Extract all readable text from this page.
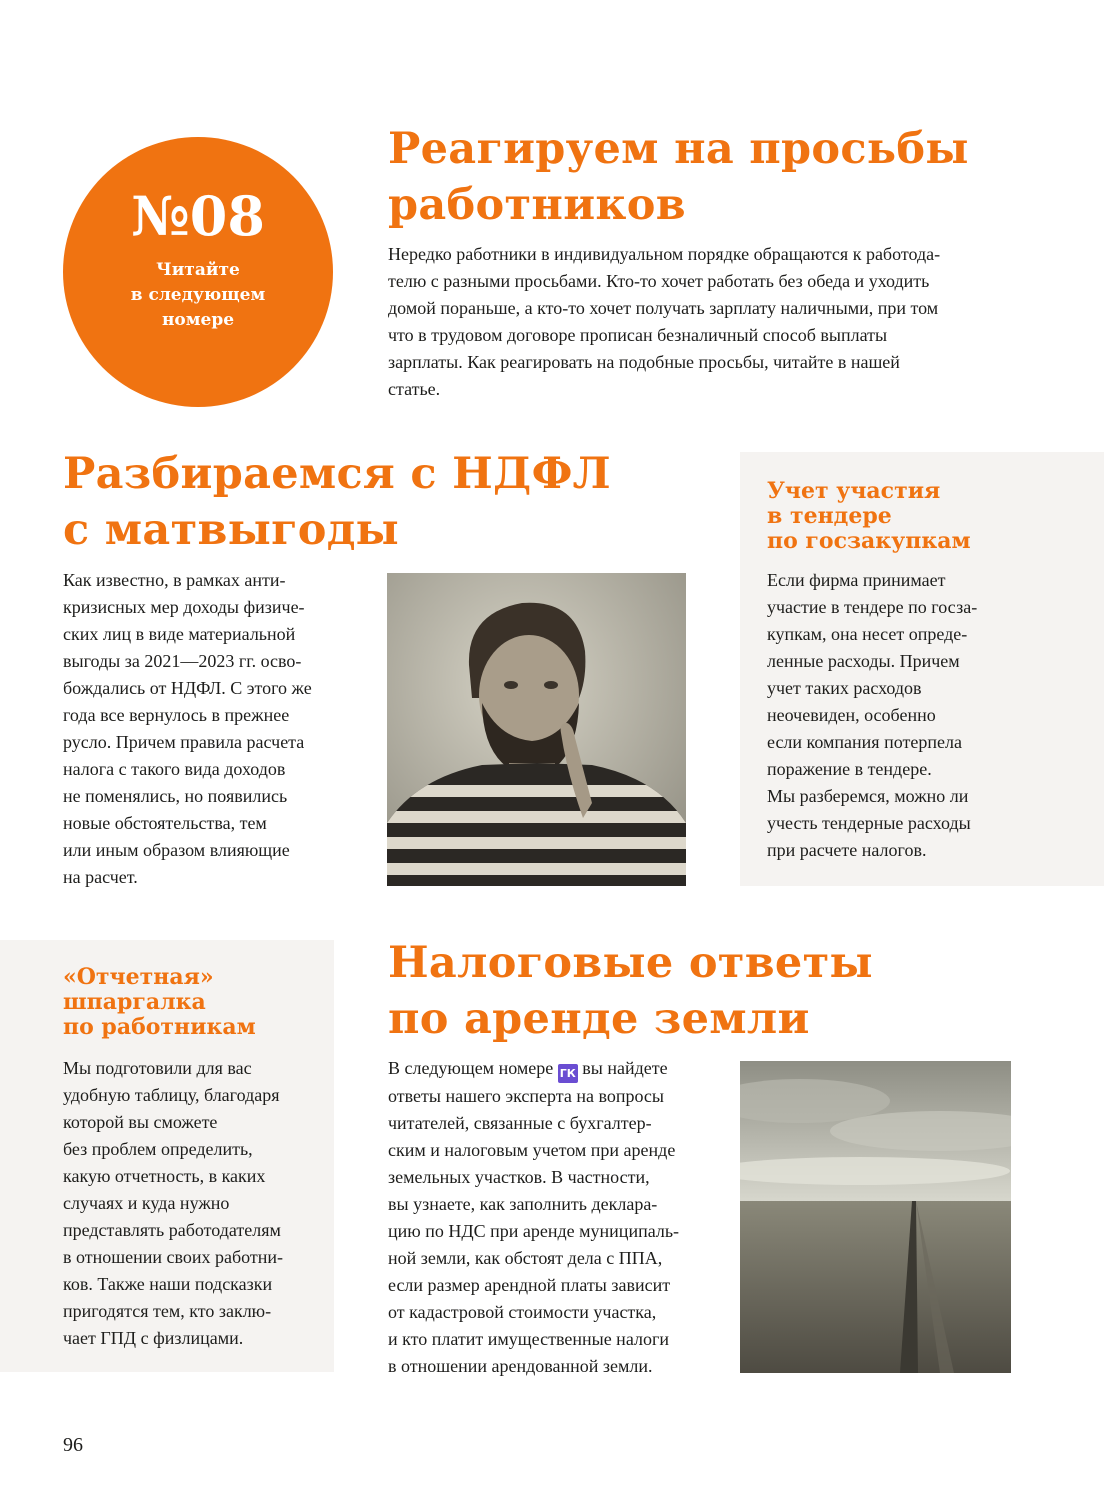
№08
Читайте
в следующем
номере
Реагируем на просьбы
работников

Нередко работники в индивидуальном порядке обращаются к работода-
телю с разными просьбами. Кто-то хочет работать без обеда и уходить
домой пораньше, а кто-то хочет получать зарплату наличными, при том
что в трудовом договоре прописан безналичный способ выплаты
зарплаты. Как реагировать на подобные просьбы, читайте в нашей
статье.

Разбираемся с НДФЛ
с матвыгоды

Как известно, в рамках анти-
кризисных мер доходы физиче-
ских лиц в виде материальной
выгоды за 2021—2023 гг. осво-
бождались от НДФЛ. С этого же
года все вернулось в прежнее
русло. Причем правила расчета
налога с такого вида доходов
не поменялись, но появились
новые обстоятельства, тем
или иным образом влияющие
на расчет.

Учет участия
в тендере
по госзакупкам

Если фирма принимает
участие в тендере по госза-
купкам, она несет опреде-
ленные расходы. Причем
учет таких расходов
неочевиден, особенно
если компания потерпела
поражение в тендере.
Мы разберемся, можно ли
учесть тендерные расходы
при расчете налогов.

«Отчетная»
шпаргалка
по работникам

Мы подготовили для вас
удобную таблицу, благодаря
которой вы сможете
без проблем определить,
какую отчетность, в каких
случаях и куда нужно
представлять работодателям
в отношении своих работни-
ков. Также наши подсказки
пригодятся тем, кто заклю-
чает ГПД с физлицами.

Налоговые ответы
по аренде земли

В следующем номере ГК вы найдете
ответы нашего эксперта на вопросы
читателей, связанные с бухгалтер-
ским и налоговым учетом при аренде
земельных участков. В частности,
вы узнаете, как заполнить деклара-
цию по НДС при аренде муниципаль-
ной земли, как обстоят дела с ППА,
если размер арендной платы зависит
от кадастровой стоимости участка,
и кто платит имущественные налоги
в отношении арендованной земли.

96
